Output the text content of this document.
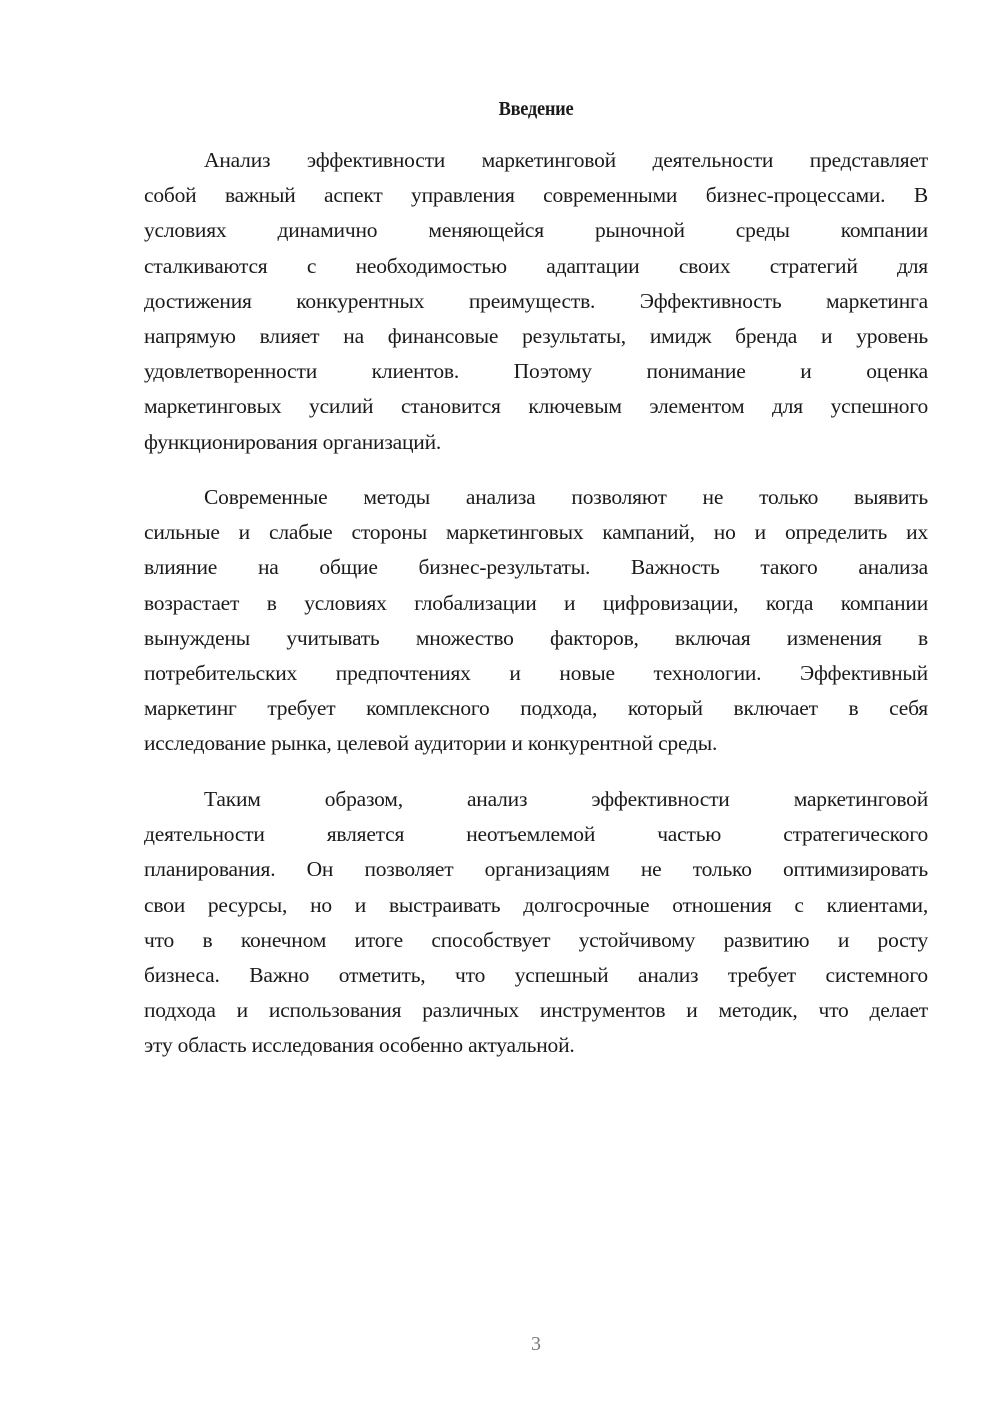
Введение
Анализ эффективности маркетинговой деятельности представляет
собой важный аспект управления современными бизнес-процессами. В
условиях динамично меняющейся рыночной среды компании
сталкиваются с необходимостью адаптации своих стратегий для
достижения конкурентных преимуществ. Эффективность маркетинга
напрямую влияет на финансовые результаты, имидж бренда и уровень
удовлетворенности клиентов. Поэтому понимание и оценка
маркетинговых усилий становится ключевым элементом для успешного
функционирования организаций.
Современные методы анализа позволяют не только выявить
сильные и слабые стороны маркетинговых кампаний, но и определить их
влияние на общие бизнес-результаты. Важность такого анализа
возрастает в условиях глобализации и цифровизации, когда компании
вынуждены учитывать множество факторов, включая изменения в
потребительских предпочтениях и новые технологии. Эффективный
маркетинг требует комплексного подхода, который включает в себя
исследование рынка, целевой аудитории и конкурентной среды.
Таким образом, анализ эффективности маркетинговой
деятельности является неотъемлемой частью стратегического
планирования. Он позволяет организациям не только оптимизировать
свои ресурсы, но и выстраивать долгосрочные отношения с клиентами,
что в конечном итоге способствует устойчивому развитию и росту
бизнеса. Важно отметить, что успешный анализ требует системного
подхода и использования различных инструментов и методик, что делает
эту область исследования особенно актуальной.
3
